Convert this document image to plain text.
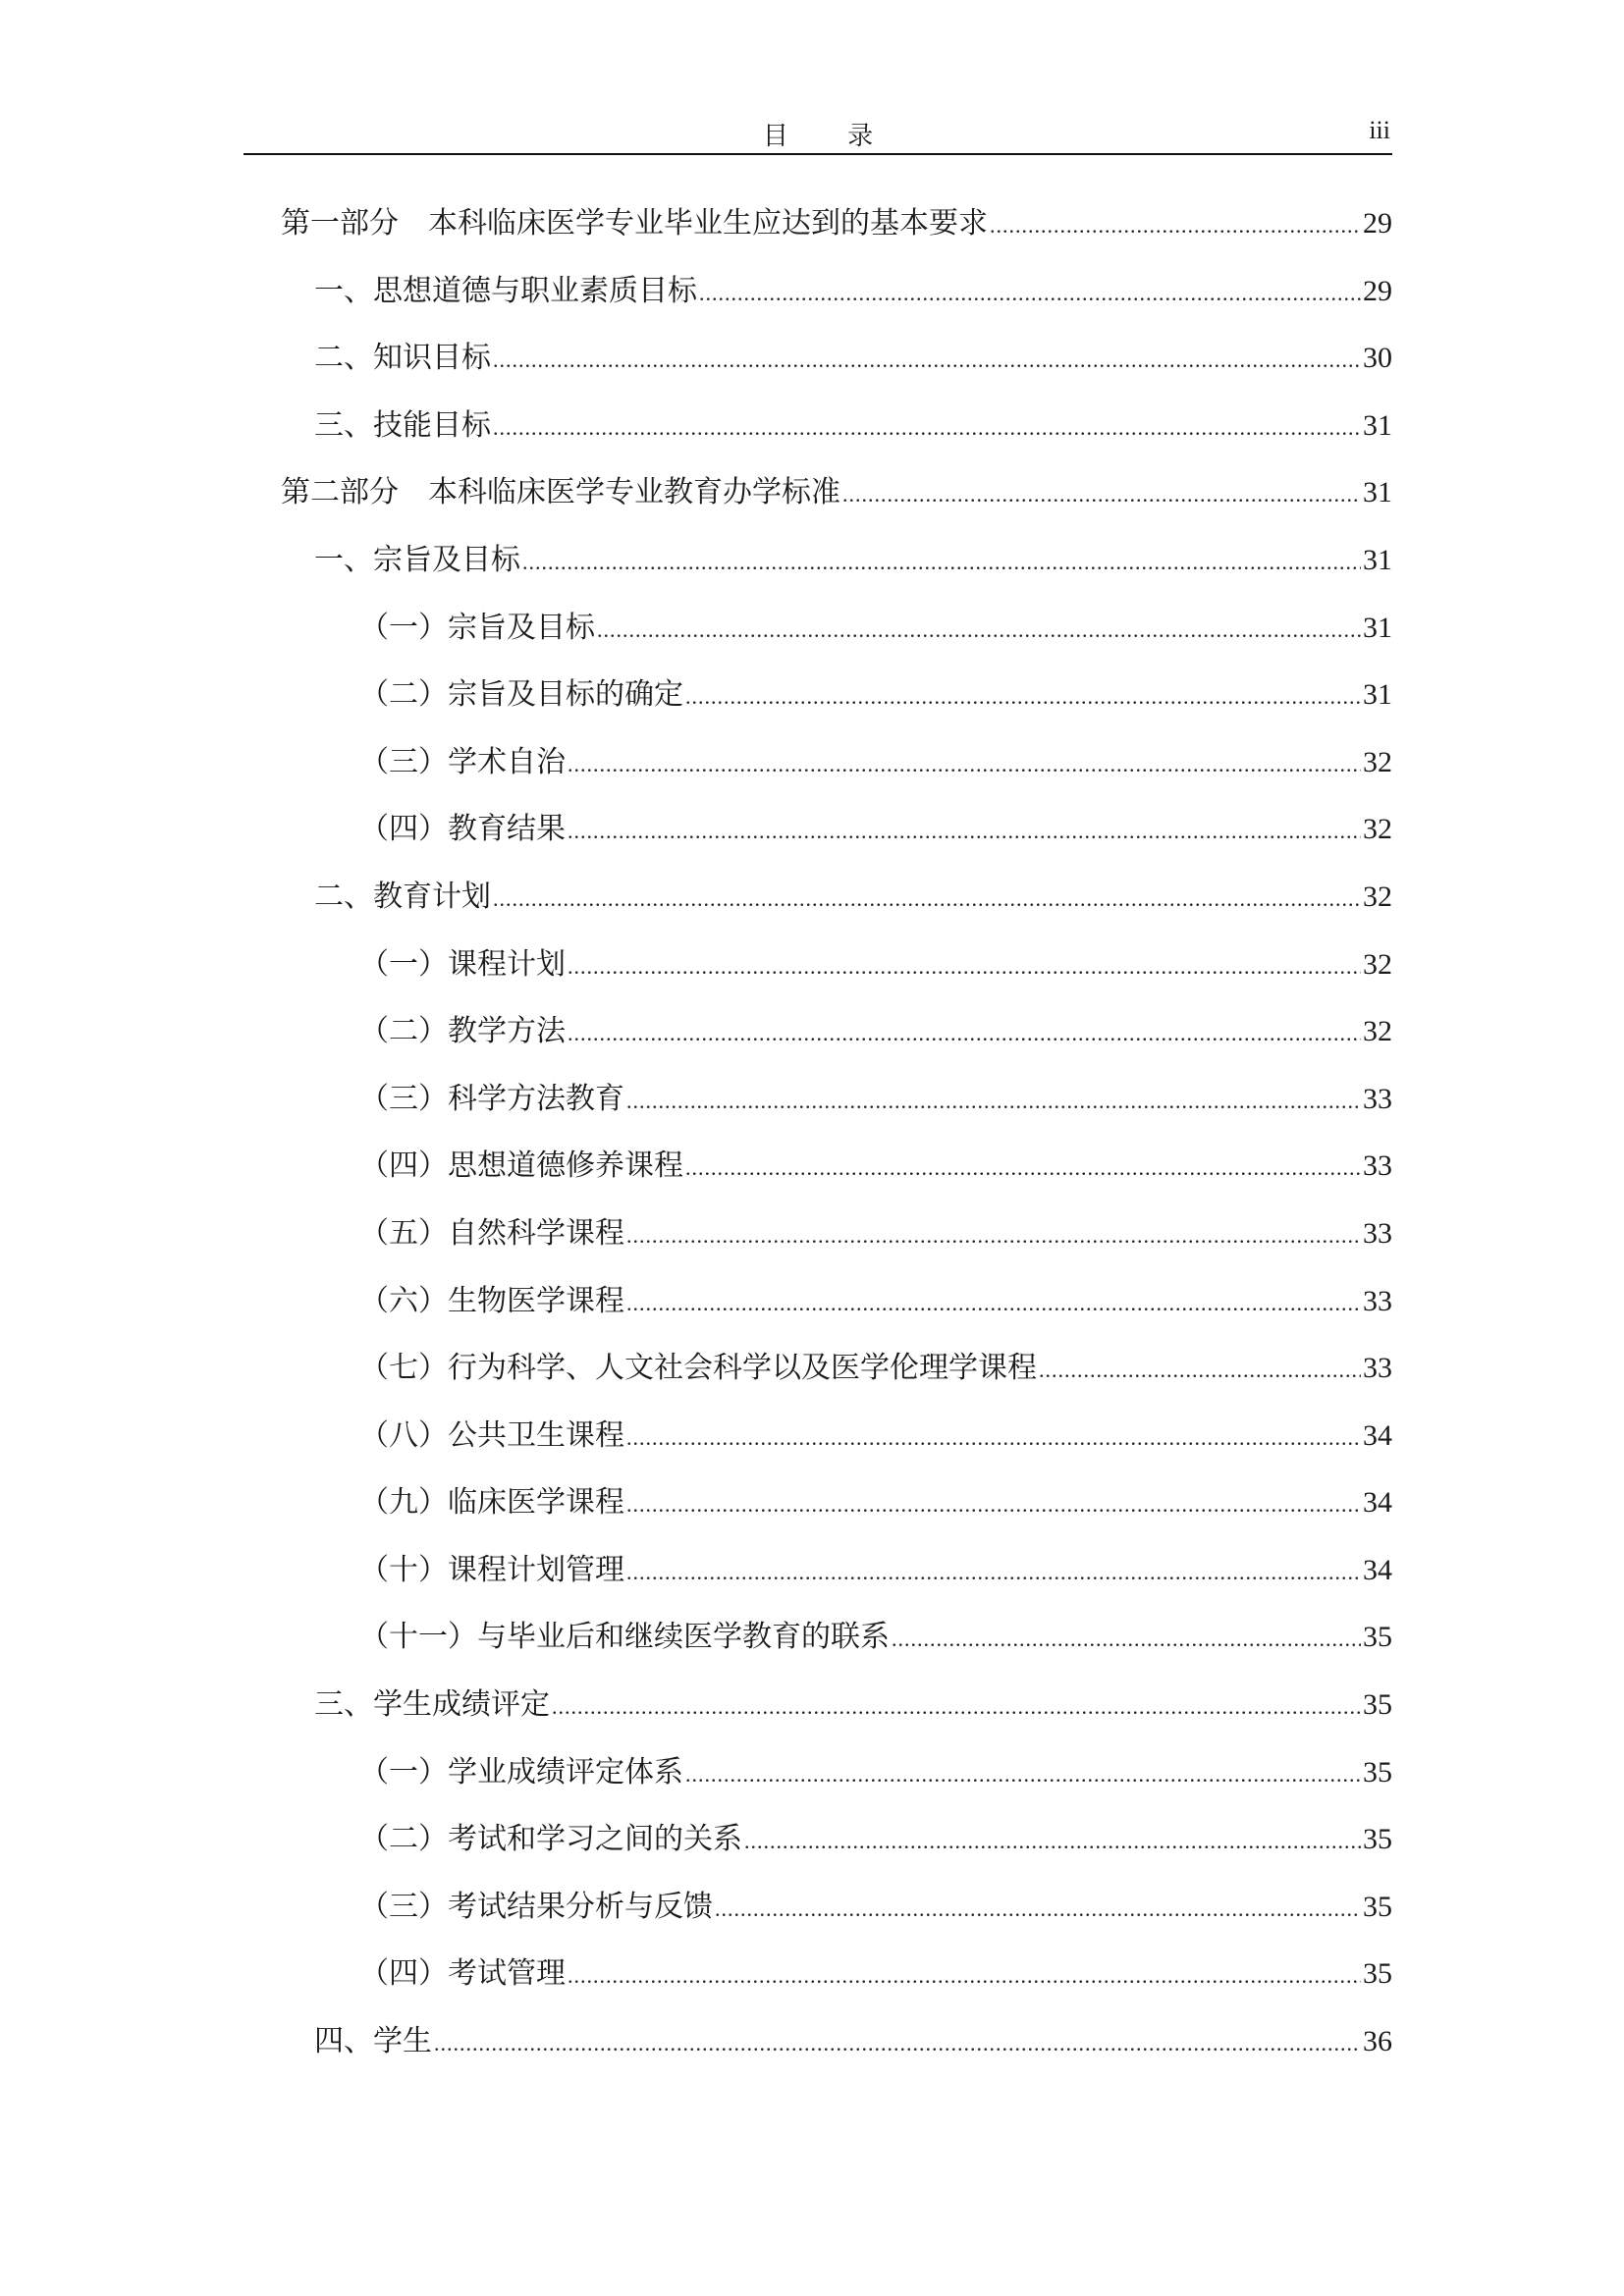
目 录	iii
第一部分　本科临床医学专业毕业生应达到的基本要求 .....	29
一、思想道德与职业素质目标 .....	29
二、知识目标 .....	30
三、技能目标 .....	31
第二部分　本科临床医学专业教育办学标准 .....	31
一、宗旨及目标 .....	31
（一）宗旨及目标 .....	31
（二）宗旨及目标的确定 .....	31
（三）学术自治 .....	32
（四）教育结果 .....	32
二、教育计划 .....	32
（一）课程计划 .....	32
（二）教学方法 .....	32
（三）科学方法教育 .....	33
（四）思想道德修养课程 .....	33
（五）自然科学课程 .....	33
（六）生物医学课程 .....	33
（七）行为科学、人文社会科学以及医学伦理学课程 .....	33
（八）公共卫生课程 .....	34
（九）临床医学课程 .....	34
（十）课程计划管理 .....	34
（十一）与毕业后和继续医学教育的联系 .....	35
三、学生成绩评定 .....	35
（一）学业成绩评定体系 .....	35
（二）考试和学习之间的关系 .....	35
（三）考试结果分析与反馈 .....	35
（四）考试管理 .....	35
四、学生 .....	36
